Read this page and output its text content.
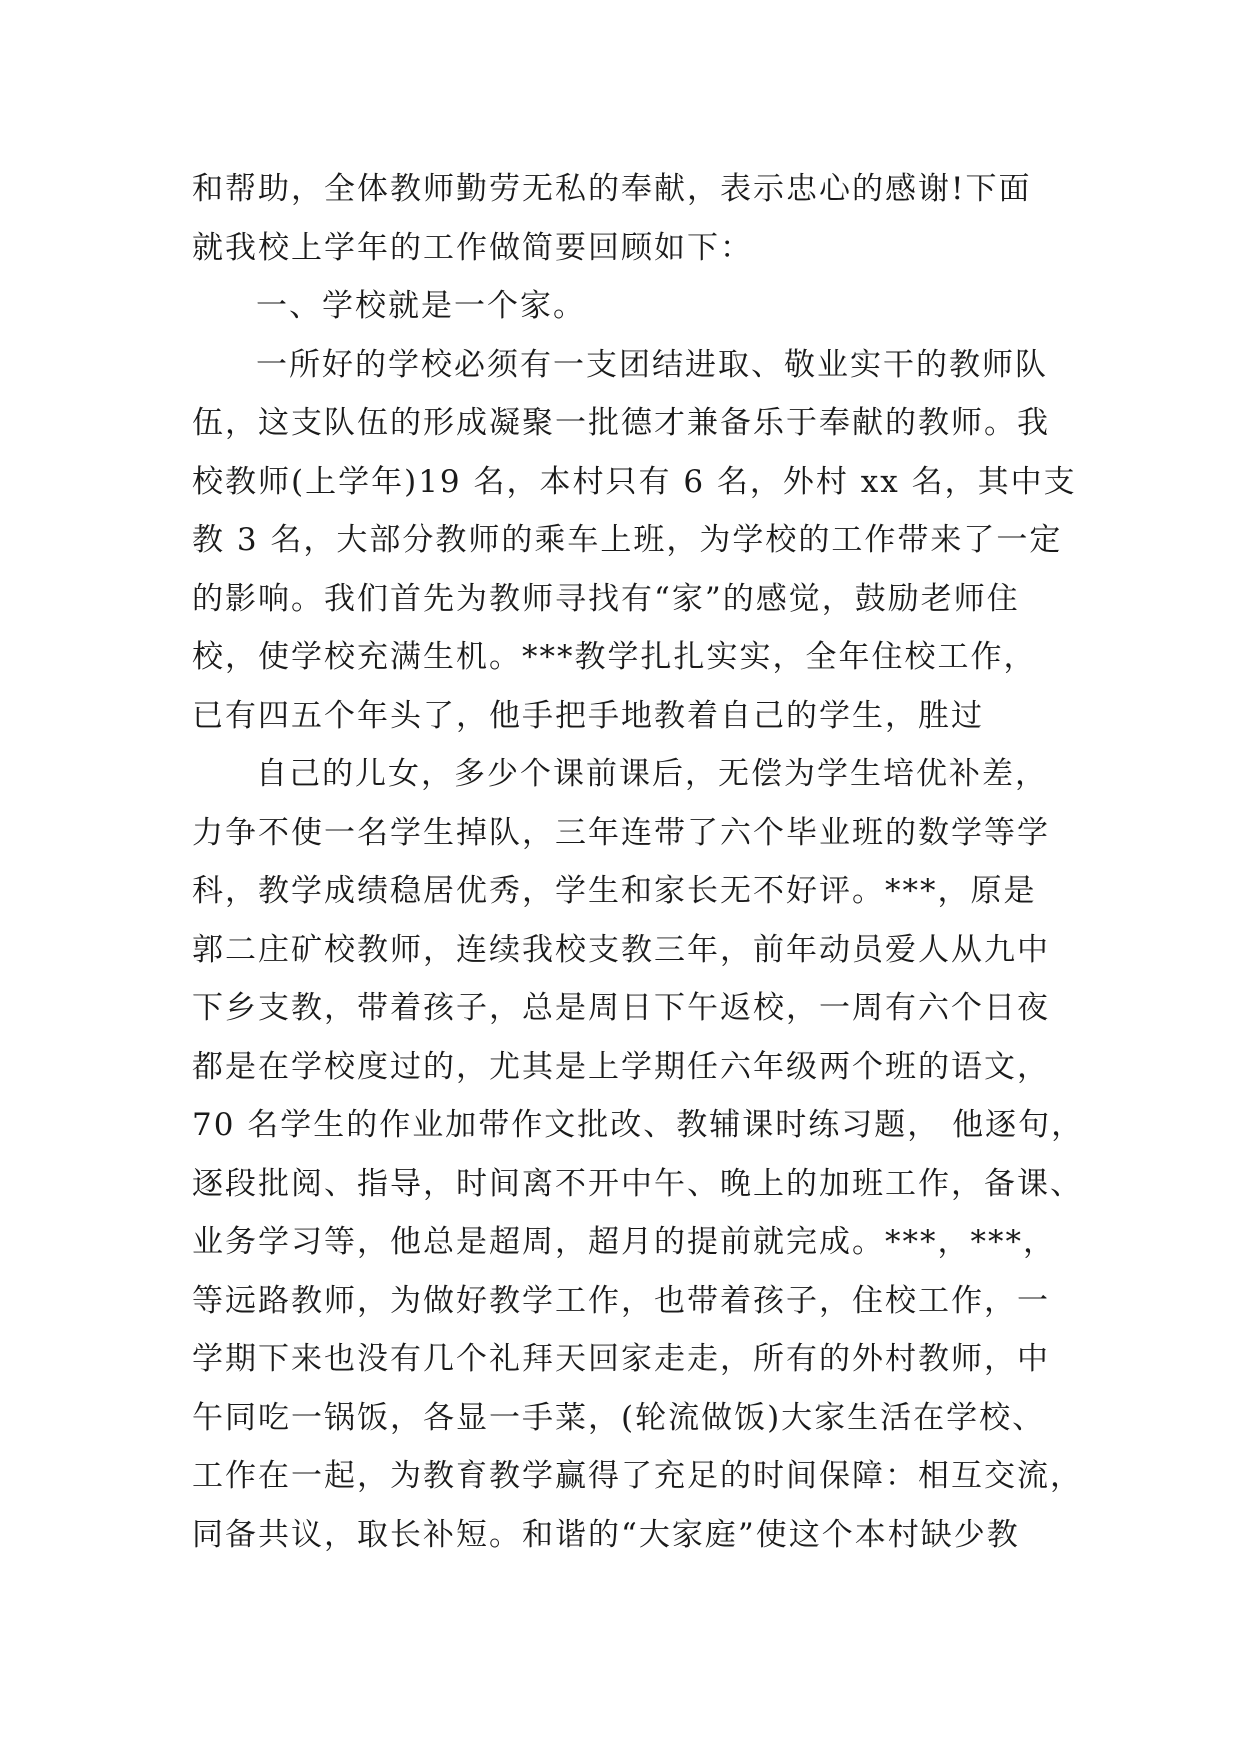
和帮助，全体教师勤劳无私的奉献，表示忠心的感谢!下面
就我校上学年的工作做简要回顾如下：
一、学校就是一个家。
一所好的学校必须有一支团结进取、敬业实干的教师队
伍，这支队伍的形成凝聚一批德才兼备乐于奉献的教师。我
校教师(上学年)19 名，本村只有 6 名，外村 xx 名，其中支
教 3 名，大部分教师的乘车上班，为学校的工作带来了一定
的影响。我们首先为教师寻找有“家”的感觉，鼓励老师住
校，使学校充满生机。***教学扎扎实实，全年住校工作，
已有四五个年头了，他手把手地教着自己的学生，胜过
自己的儿女，多少个课前课后，无偿为学生培优补差，
力争不使一名学生掉队，三年连带了六个毕业班的数学等学
科，教学成绩稳居优秀，学生和家长无不好评。***，原是
郭二庄矿校教师，连续我校支教三年，前年动员爱人从九中
下乡支教，带着孩子，总是周日下午返校，一周有六个日夜
都是在学校度过的，尤其是上学期任六年级两个班的语文，
70 名学生的作业加带作文批改、教辅课时练习题， 他逐句，
逐段批阅、指导，时间离不开中午、晚上的加班工作，备课、
业务学习等，他总是超周，超月的提前就完成。***，***，
等远路教师，为做好教学工作，也带着孩子，住校工作，一
学期下来也没有几个礼拜天回家走走，所有的外村教师，中
午同吃一锅饭，各显一手菜，(轮流做饭)大家生活在学校、
工作在一起，为教育教学赢得了充足的时间保障：相互交流，
同备共议，取长补短。和谐的“大家庭”使这个本村缺少教
